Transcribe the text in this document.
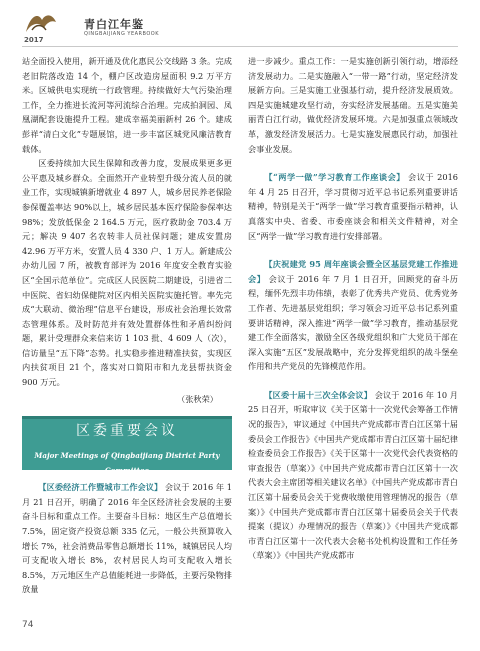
2017
青白江年鉴
QINGBAIJIANG YEARBOOK

站全面投入使用，新开通及优化惠民公交线路 3 条。完成老旧院落改造 14 个，棚户区改造房屋面积 9.2 万平方米。区城供电实现统一行政管理。持续做好大气污染治理工作，全力推进长流河等河流综合治理。完成拍洞园、凤凰湖配套设施提升工程。建成幸福美丽新村 26 个。建成彭祥“清白文化”专题展馆，进一步丰富区城党风廉洁教育载体。

区委持续加大民生保障和改善力度，发展成果更多更公平惠及城乡群众。全面然开产业转型升级分流人员的就业工作，实现城镇新增就业 4 897 人，城乡居民养老保险参保覆盖率达 90%以上，城乡居民基本医疗保险参保率达 98%；发放低保金 2 164.5 万元，医疗救助金 703.4 万元；解决 9 407 名农转非人员社保问题；建成安置房 42.96 万平方米，安置人员 4 330 户、1 万人。新建成公办幼儿园 7 所，被教育部评为 2016 年度安全教育实验区“全国示范单位”。完成区人民医院二期建设，引进省二中医院、省妇幼保健院对区内相关医院实施托管。率先完成“大联动、微治理”信息平台建设，形成社会治理长效常态管理体系。及时防范并有效处置群体性和矛盾纠纷问题，累计受理群众来信来访 1 103 批、4 609 人（次），信访量呈“五下降”态势。扎实稳步推进精准扶贫，实现区内扶贫项目 21 个，落实对口简阳市和九龙县帮扶资金 900 万元。

（张秋荣）
区委重要会议
Major Meetings of Qingbaijiang District Party Committee

【区委经济工作暨城市工作会议】 会议于 2016 年 1 月 21 日召开，明确了 2016 年全区经济社会发展的主要奋斗目标和重点工作。主要奋斗目标：地区生产总值增长 7.5%，固定资产投资总额 335 亿元，一般公共预算收入增长 7%，社会消费品零售总额增长 11%，城镇居民人均可支配收入增长 8%，农村居民人均可支配收入增长 8.5%，万元地区生产总值能耗进一步降低，主要污染物排放量

进一步减少。重点工作：一是实施创新引领行动，增添经济发展动力。二是实施融入“一带一路”行动，坚定经济发展新方向。三是实施工业强基行动，提升经济发展质效。四是实施城建攻坚行动，夯实经济发展基础。五是实施美丽青白江行动，做优经济发展环境。六是加强重点领域改革，激发经济发展活力。七是实施发展惠民行动，加强社会事业发展。

【“两学一做”学习教育工作座谈会】 会议于 2016 年 4 月 25 日召开，学习贯彻习近平总书记系列重要讲话精神，特别是关于“两学一做”学习教育重要指示精神，认真落实中央、省委、市委座谈会和相关文件精神，对全区“两学一做”学习教育进行安排部署。

【庆祝建党 95 周年座谈会暨全区基层党建工作推进会】 会议于 2016 年 7 月 1 日召开，回顾党的奋斗历程，缅怀先烈丰功伟绩，表彰了优秀共产党员、优秀党务工作者、先进基层党组织；学习领会习近平总书记系列重要讲话精神，深入推进“两学一做”学习教育，推动基层党建工作全面落实，激励全区各级党组织和广大党员干部在深入实施“五区”发展战略中，充分发挥党组织的战斗堡垒作用和共产党员的先锋模范作用。

【区委十届十三次全体会议】 会议于 2016 年 10 月 25 日召开，听取审议《关于区第十一次党代会筹备工作情况的报告》，审议通过《中国共产党成都市青白江区第十届委员会工作报告》《中国共产党成都市青白江区第十届纪律检查委员会工作报告》《关于区第十一次党代会代表资格的审查报告（草案）》《中国共产党成都市青白江区第十一次代表大会主席团等相关建议名单》《中国共产党成都市青白江区第十届委员会关于党费收缴使用管理情况的报告（草案）》《中国共产党成都市青白江区第十届委员会关于代表提案（提议）办理情况的报告（草案）》《中国共产党成都市青白江区第十一次代表大会秘书处机构设置和工作任务（草案）》《中国共产党成都市

74
